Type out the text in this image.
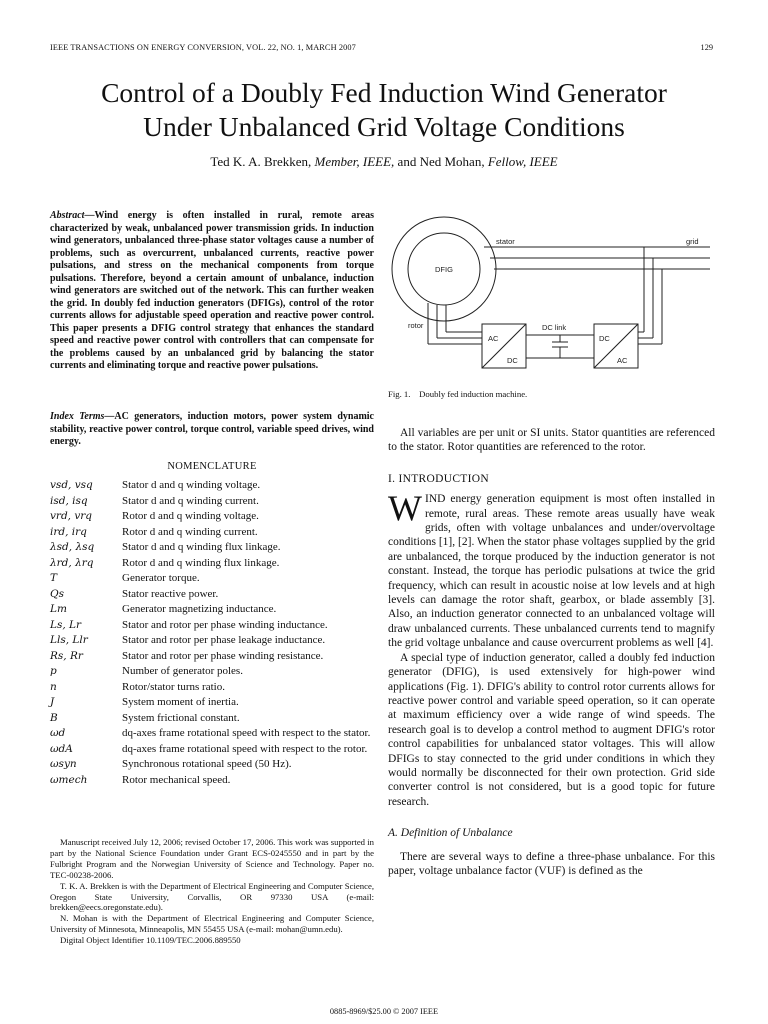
IEEE TRANSACTIONS ON ENERGY CONVERSION, VOL. 22, NO. 1, MARCH 2007	129
Control of a Doubly Fed Induction Wind Generator
Under Unbalanced Grid Voltage Conditions
Ted K. A. Brekken, Member, IEEE, and Ned Mohan, Fellow, IEEE
Abstract—Wind energy is often installed in rural, remote areas characterized by weak, unbalanced power transmission grids. In induction wind generators, unbalanced three-phase stator voltages cause a number of problems, such as overcurrent, unbalanced currents, reactive power pulsations, and stress on the mechanical components from torque pulsations. Therefore, beyond a certain amount of unbalance, induction wind generators are switched out of the network. This can further weaken the grid. In doubly fed induction generators (DFIGs), control of the rotor currents allows for adjustable speed operation and reactive power control. This paper presents a DFIG control strategy that enhances the standard speed and reactive power control with controllers that can compensate for the problems caused by an unbalanced grid by balancing the stator currents and eliminating torque and reactive power pulsations.
Index Terms—AC generators, induction motors, power system dynamic stability, reactive power control, torque control, variable speed drives, wind energy.
NOMENCLATURE
vsd, vsq	Stator d and q winding voltage.
isd, isq	Stator d and q winding current.
vrd, vrq	Rotor d and q winding voltage.
ird, irq	Rotor d and q winding current.
λsd, λsq	Stator d and q winding flux linkage.
λrd, λrq	Rotor d and q winding flux linkage.
T	Generator torque.
Qs	Stator reactive power.
Lm	Generator magnetizing inductance.
Ls, Lr	Stator and rotor per phase winding inductance.
Lls, Llr	Stator and rotor per phase leakage inductance.
Rs, Rr	Stator and rotor per phase winding resistance.
p	Number of generator poles.
n	Rotor/stator turns ratio.
J	System moment of inertia.
B	System frictional constant.
ωd	dq-axes frame rotational speed with respect to the stator.
ωdA	dq-axes frame rotational speed with respect to the rotor.
ωsyn	Synchronous rotational speed (50 Hz).
ωmech	Rotor mechanical speed.

Manuscript received July 12, 2006; revised October 17, 2006. This work was supported in part by the National Science Foundation under Grant ECS-0245550 and in part by the Fulbright Program and the Norwegian University of Science and Technology. Paper no. TEC-00238-2006.

T. K. A. Brekken is with the Department of Electrical Engineering and Computer Science, Oregon State University, Corvallis, OR 97330 USA (e-mail: brekken@eecs.oregonstate.edu).

N. Mohan is with the Department of Electrical Engineering and Computer Science, University of Minnesota, Minneapolis, MN 55455 USA (e-mail: mohan@umn.edu).

Digital Object Identifier 10.1109/TEC.2006.889550

stator	grid
DFIG
rotor	DC link
AC
DC
DC
AC
Fig. 1.    Doubly fed induction machine.

All variables are per unit or SI units. Stator quantities are referenced to the stator. Rotor quantities are referenced to the rotor.

I. INTRODUCTION

WIND energy generation equipment is most often installed in remote, rural areas. These remote areas usually have weak grids, often with voltage unbalances and under/overvoltage conditions [1], [2]. When the stator phase voltages supplied by the grid are unbalanced, the torque produced by the induction generator is not constant. Instead, the torque has periodic pulsations at twice the grid frequency, which can result in acoustic noise at low levels and at high levels can damage the rotor shaft, gearbox, or blade assembly [3]. Also, an induction generator connected to an unbalanced voltage will draw unbalanced currents. These unbalanced currents tend to magnify the grid voltage unbalance and cause overcurrent problems as well [4].

A special type of induction generator, called a doubly fed induction generator (DFIG), is used extensively for high-power wind applications (Fig. 1). DFIG's ability to control rotor currents allows for reactive power control and variable speed operation, so it can operate at maximum efficiency over a wide range of wind speeds. The research goal is to develop a control method to augment DFIG's rotor control capabilities for unbalanced stator voltages. This will allow DFIGs to stay connected to the grid under conditions in which they would normally be disconnected for their own protection. Grid side converter control is not considered, but is a good topic for future research.

A. Definition of Unbalance

There are several ways to define a three-phase unbalance. For this paper, voltage unbalance factor (VUF) is defined as the

0885-8969/$25.00 © 2007 IEEE
